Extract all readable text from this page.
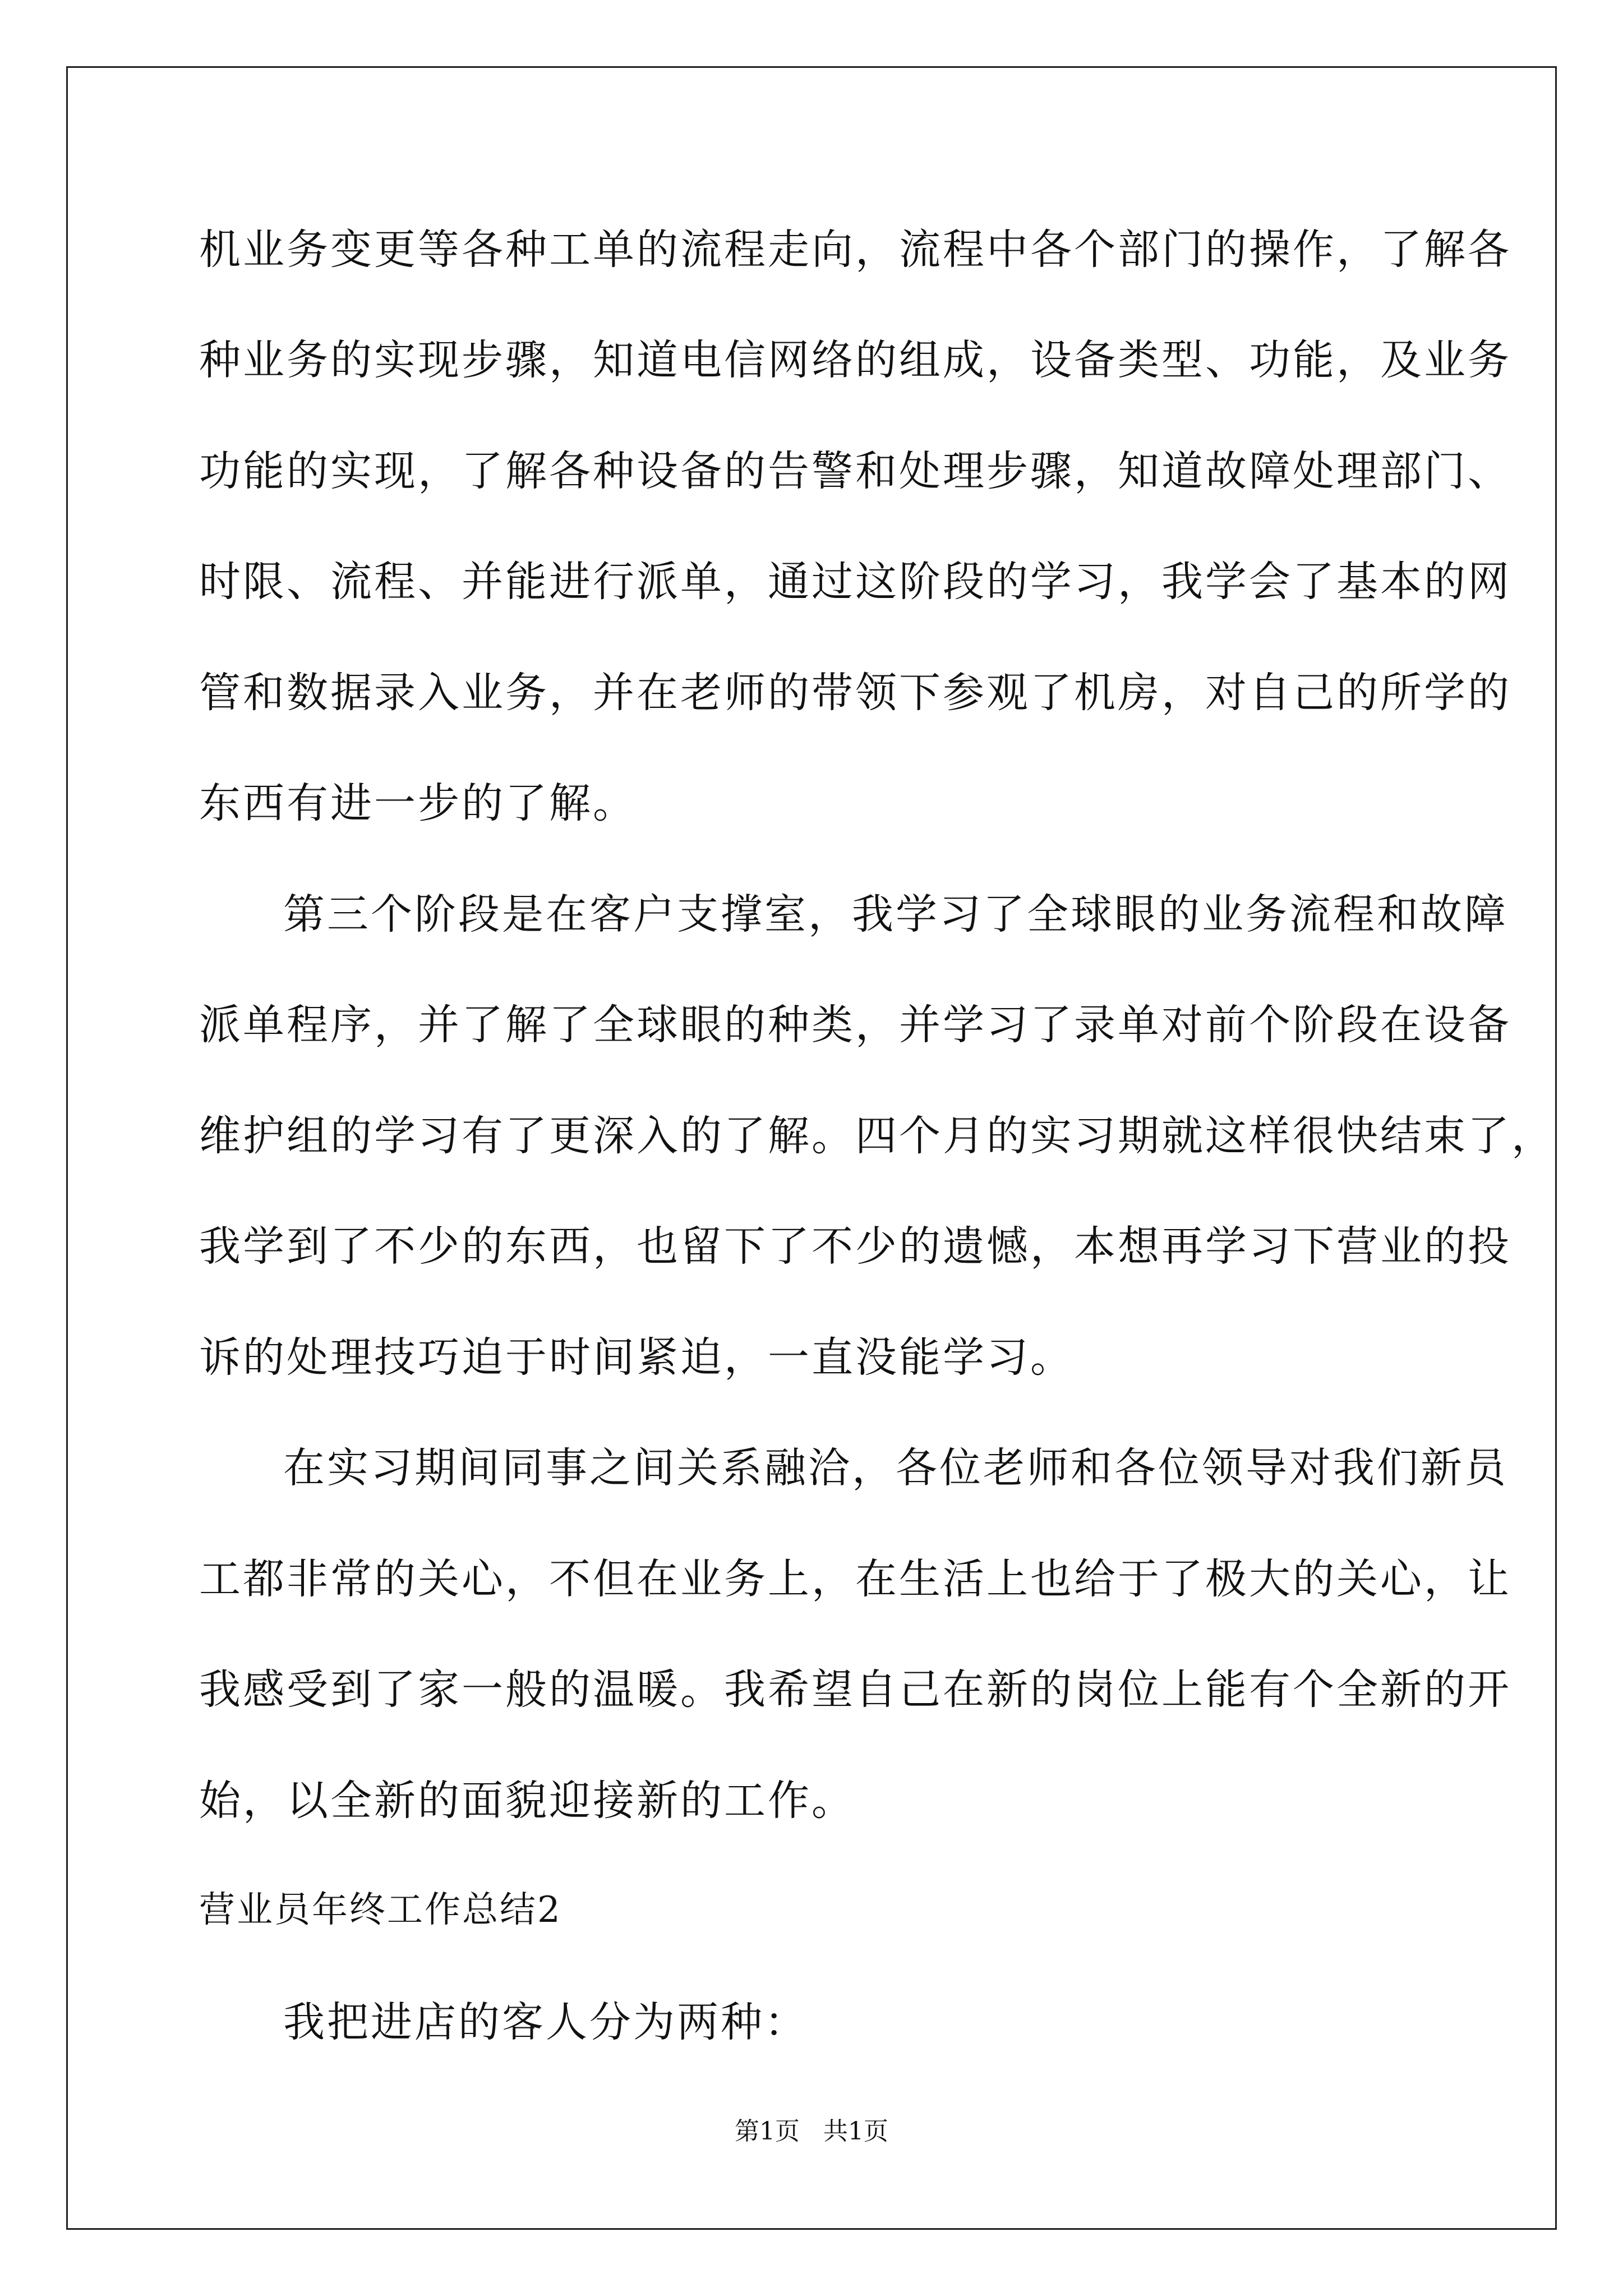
机业务变更等各种工单的流程走向，流程中各个部门的操作，了解各
种业务的实现步骤，知道电信网络的组成，设备类型、功能，及业务
功能的实现，了解各种设备的告警和处理步骤，知道故障处理部门、
时限、流程、并能进行派单，通过这阶段的学习，我学会了基本的网
管和数据录入业务，并在老师的带领下参观了机房，对自己的所学的
东西有进一步的了解。
第三个阶段是在客户支撑室，我学习了全球眼的业务流程和故障
派单程序，并了解了全球眼的种类，并学习了录单对前个阶段在设备
维护组的学习有了更深入的了解。四个月的实习期就这样很快结束了，
我学到了不少的东西，也留下了不少的遗憾，本想再学习下营业的投
诉的处理技巧迫于时间紧迫，一直没能学习。
在实习期间同事之间关系融洽，各位老师和各位领导对我们新员
工都非常的关心，不但在业务上，在生活上也给于了极大的关心，让
我感受到了家一般的温暖。我希望自己在新的岗位上能有个全新的开
始，以全新的面貌迎接新的工作。
营业员年终工作总结2
我把进店的客人分为两种：
第1页   共1页
